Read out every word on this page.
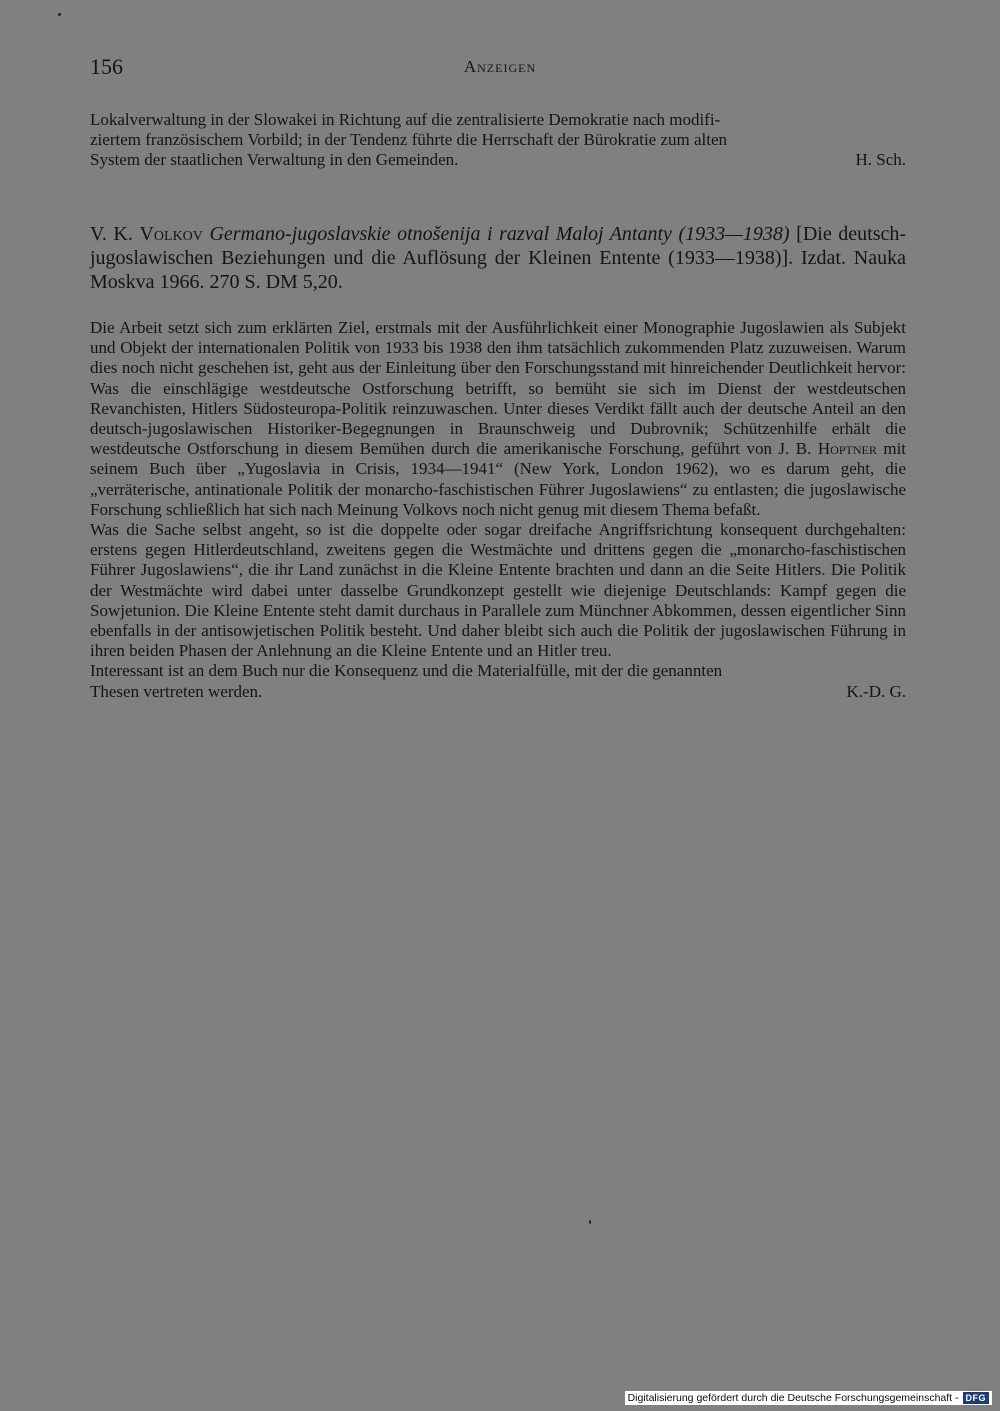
156	Anzeigen

Lokalverwaltung in der Slowakei in Richtung auf die zentralisierte Demokratie nach modifi-

ziertem französischem Vorbild; in der Tendenz führte die Herrschaft der Bürokratie zum alten

System der staatlichen Verwaltung in den Gemeinden.	H. Sch.

V. K. Volkov Germano-jugoslavskie otnošenija i razval Maloj Antanty (1933—1938) [Die deutsch-jugoslawischen Beziehungen und die Auflösung der Kleinen Entente (1933—1938)]. Izdat. Nauka Moskva 1966. 270 S. DM 5,20.

Die Arbeit setzt sich zum erklärten Ziel, erstmals mit der Ausführlichkeit einer Monographie Jugoslawien als Subjekt und Objekt der internationalen Politik von 1933 bis 1938 den ihm tatsächlich zukommenden Platz zuzuweisen. Warum dies noch nicht geschehen ist, geht aus der Einleitung über den Forschungsstand mit hinreichender Deutlichkeit hervor: Was die einschlägige westdeutsche Ostforschung betrifft, so bemüht sie sich im Dienst der westdeutschen Revanchisten, Hitlers Südosteuropa-Politik reinzuwaschen. Unter dieses Verdikt fällt auch der deutsche Anteil an den deutsch-jugoslawischen Historiker-Begegnungen in Braunschweig und Dubrovnik; Schützenhilfe erhält die westdeutsche Ostforschung in diesem Bemühen durch die amerikanische Forschung, geführt von J. B. Hoptner mit seinem Buch über „Yugoslavia in Crisis, 1934—1941“ (New York, London 1962), wo es darum geht, die „verräterische, antinationale Politik der monarcho-faschistischen Führer Jugoslawiens“ zu entlasten; die jugoslawische Forschung schließlich hat sich nach Meinung Volkovs noch nicht genug mit diesem Thema befaßt.

Was die Sache selbst angeht, so ist die doppelte oder sogar dreifache Angriffsrichtung konsequent durchgehalten: erstens gegen Hitlerdeutschland, zweitens gegen die Westmächte und drittens gegen die „monarcho-faschistischen Führer Jugoslawiens“, die ihr Land zunächst in die Kleine Entente brachten und dann an die Seite Hitlers. Die Politik der Westmächte wird dabei unter dasselbe Grundkonzept gestellt wie diejenige Deutschlands: Kampf gegen die Sowjetunion. Die Kleine Entente steht damit durchaus in Parallele zum Münchner Abkommen, dessen eigentlicher Sinn ebenfalls in der antisowjetischen Politik besteht. Und daher bleibt sich auch die Politik der jugoslawischen Führung in ihren beiden Phasen der Anlehnung an die Kleine Entente und an Hitler treu.

Interessant ist an dem Buch nur die Konsequenz und die Materialfülle, mit der die genannten

Thesen vertreten werden.	K.-D. G.
Digitalisierung gefördert durch die Deutsche Forschungsgemeinschaft - DFG
